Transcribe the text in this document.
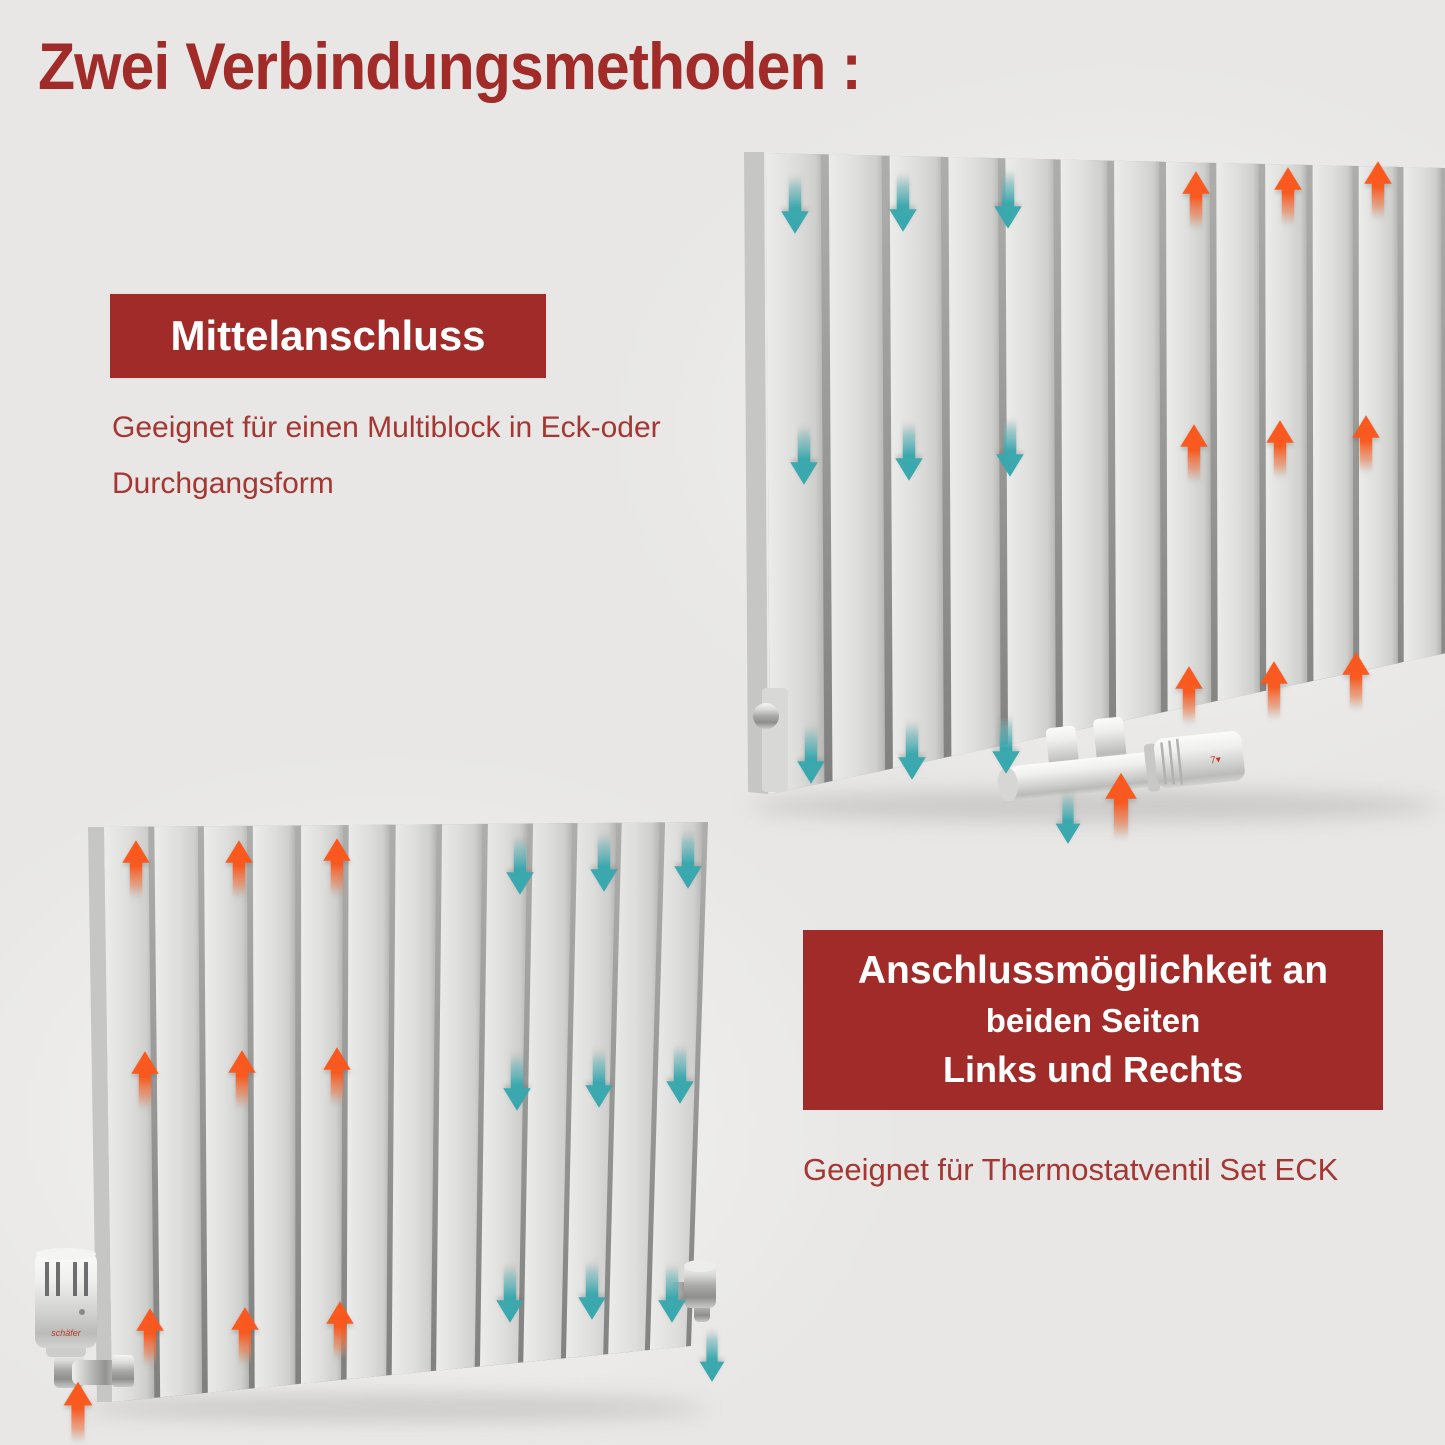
Zwei Verbindungsmethoden :
Mittelanschluss

Geeignet für einen Multiblock in Eck-oder
Durchgangsform

Anschlussmöglichkeit an
beiden Seiten
Links und Rechts

Geeignet für Thermostatventil Set ECK

7▾
schäfer
